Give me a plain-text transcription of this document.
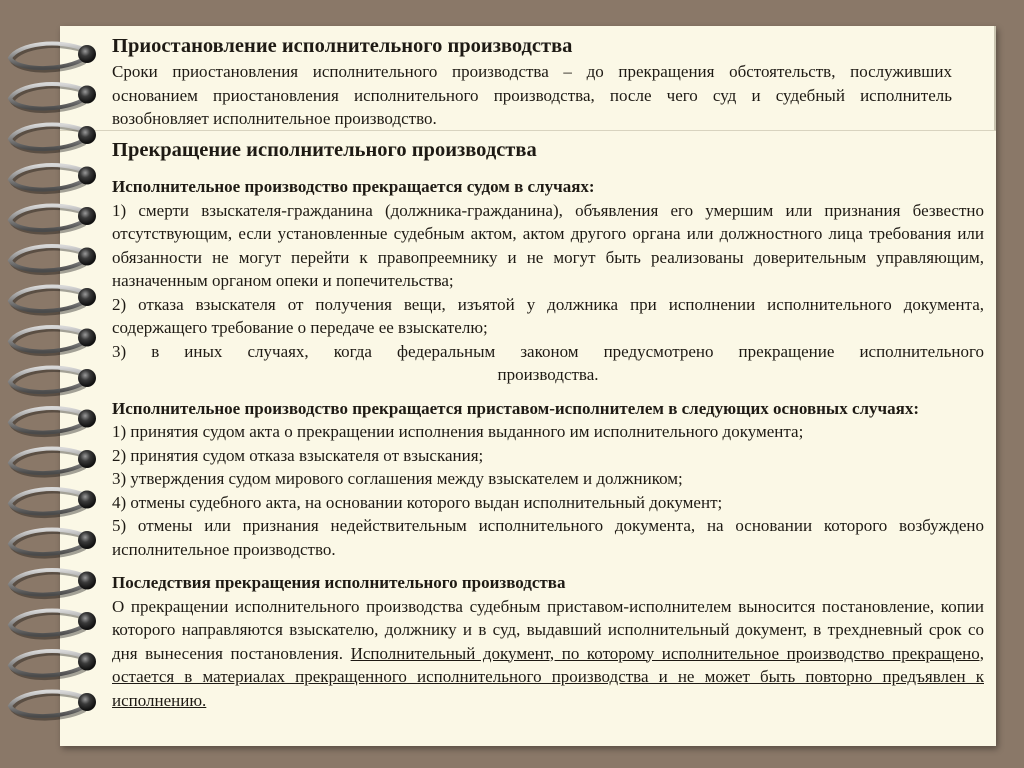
Приостановление исполнительного производства

Сроки приостановления исполнительного производства – до прекращения обстоятельств, послуживших основанием приостановления исполнительного производства, после чего суд и судебный исполнитель возобновляет исполнительное производство.

Прекращение исполнительного производства

Исполнительное производство прекращается судом в случаях:

1) смерти взыскателя-гражданина (должника-гражданина), объявления его умершим или признания безвестно отсутствующим, если установленные судебным актом, актом другого органа или должностного лица требования или обязанности не могут перейти к правопреемнику и не могут быть реализованы доверительным управляющим, назначенным органом опеки и попечительства;

2) отказа взыскателя от получения вещи, изъятой у должника при исполнении исполнительного документа, содержащего требование о передаче ее взыскателю;

3) в иных случаях, когда федеральным законом предусмотрено прекращение исполнительного

производства.

Исполнительное производство прекращается приставом-исполнителем в следующих основных случаях:

1) принятия судом акта о прекращении исполнения выданного им исполнительного документа;

2) принятия судом отказа взыскателя от взыскания;

3) утверждения судом мирового соглашения между взыскателем и должником;

4) отмены судебного акта, на основании которого выдан исполнительный документ;

5) отмены или признания недействительным исполнительного документа, на основании которого возбуждено исполнительное производство.

Последствия прекращения исполнительного производства

О прекращении исполнительного производства судебным приставом-исполнителем выносится постановление, копии которого направляются взыскателю, должнику и в суд, выдавший исполнительный документ, в трехдневный срок со дня вынесения постановления. Исполнительный документ, по которому исполнительное производство прекращено, остается в материалах прекращенного исполнительного производства и не может быть повторно предъявлен к исполнению.
